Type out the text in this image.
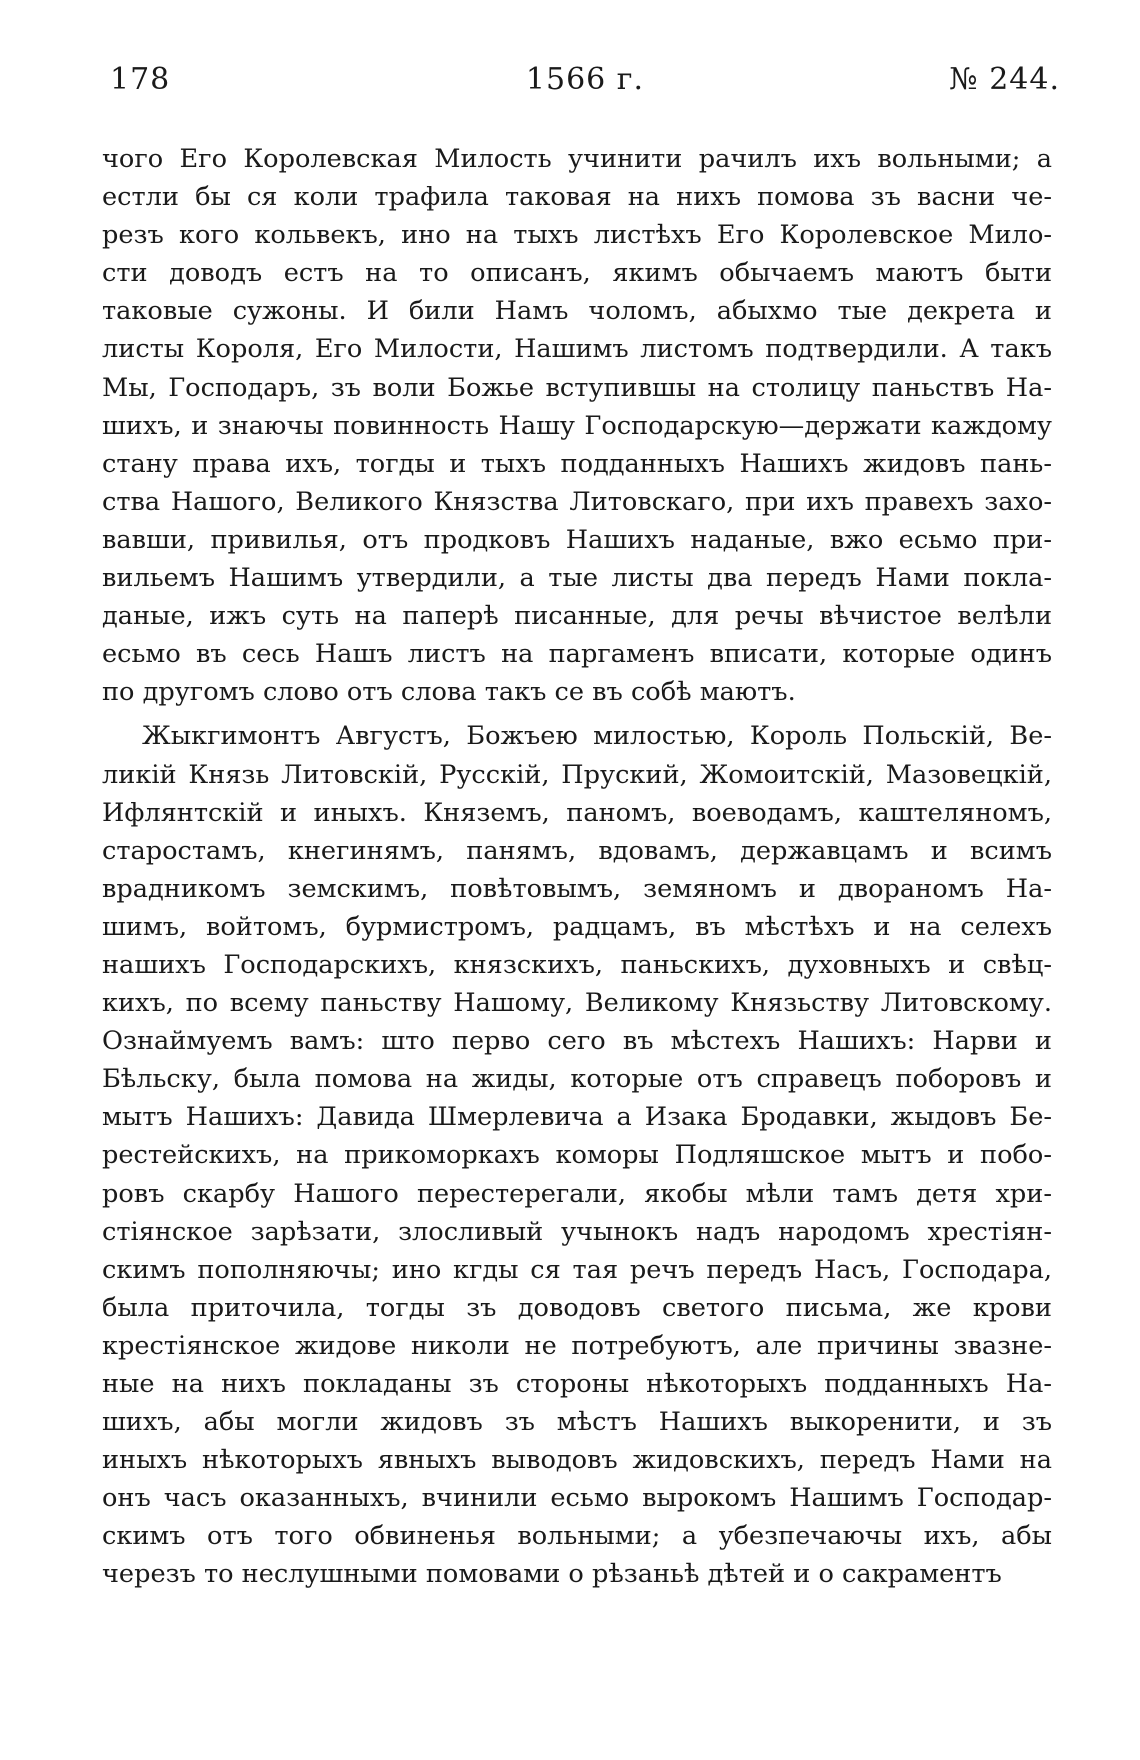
178	1566 г.	№ 244.
чого Его Королевская Милость учинити рачилъ ихъ вольными; а
естли бы ся коли трафила таковая на нихъ помова зъ васни че-
резъ кого кольвекъ, ино на тыхъ листѣхъ Его Королевское Мило-
сти доводъ естъ на то описанъ, якимъ обычаемъ маютъ быти
таковые сужоны. И били Намъ чоломъ, абыхмо тые декрета и
листы Короля, Его Милости, Нашимъ листомъ подтвердили. А такъ
Мы, Господаръ, зъ воли Божье вступившы на столицу паньствъ На-
шихъ, и знаючы повинность Нашу Господарскую—держати каждому
стану права ихъ, тогды и тыхъ подданныхъ Нашихъ жидовъ пань-
ства Нашого, Великого Князства Литовскаго, при ихъ правехъ захо-
вавши, привилья, отъ продковъ Нашихъ наданые, вжо есьмо при-
вильемъ Нашимъ утвердили, а тые листы два передъ Нами поклa-
даные, ижъ суть на паперѣ писанные, для речы вѣчистое велѣли
есьмо въ сесь Нашъ листъ на паргаменъ вписати, которые одинъ
по другомъ слово отъ слова такъ се въ собѣ маютъ.
Жыкгимонтъ Августъ, Божъею милостью, Король Польскій, Ве-
ликій Князь Литовскій, Русскій, Пруский, Жомоитскій, Мазовецкій,
Ифлянтскій и иныхъ. Княземъ, паномъ, воеводамъ, каштеляномъ,
старостамъ, кнегинямъ, панямъ, вдовамъ, державцамъ и всимъ
врадникомъ земскимъ, повѣтовымъ, земяномъ и двораномъ На-
шимъ, войтомъ, бурмистромъ, радцамъ, въ мѣстѣхъ и на селехъ
нашихъ Господарскихъ, князскихъ, паньскихъ, духовныхъ и свѣц-
кихъ, по всему паньству Нашому, Великому Князьству Литовскому.
Ознаймуемъ вамъ: што перво сего въ мѣстехъ Нашихъ: Нарви и
Бѣльску, была помова на жиды, которые отъ справецъ поборовъ и
мытъ Нашихъ: Давида Шмерлевича а Изака Бродавки, жыдовъ Бе-
рестейскихъ, на прикоморкахъ коморы Подляшское мытъ и побо-
ровъ скарбу Нашого перестерегали, якобы мѣли тамъ детя хри-
стіянское зарѣзати, злосливый учынокъ надъ народомъ хрестіян-
скимъ пополняючы; ино кгды ся тая речъ передъ Насъ, Господара,
была приточила, тогды зъ доводовъ светого письма, же крови
крестіянское жидове николи не потребуютъ, але причины звазне-
ные на нихъ покладаны зъ стороны нѣкоторыхъ подданныхъ На-
шихъ, абы могли жидовъ зъ мѣстъ Нашихъ выкоренити, и зъ
иныхъ нѣкоторыхъ явныхъ выводовъ жидовскихъ, передъ Нами на
онъ часъ оказанныхъ, вчинили есьмо вырокомъ Нашимъ Господар-
скимъ отъ того обвиненья вольными; а убезпечаючы ихъ, абы
черезъ то неслушными помовами о рѣзаньѣ дѣтей и о сакраментъ
